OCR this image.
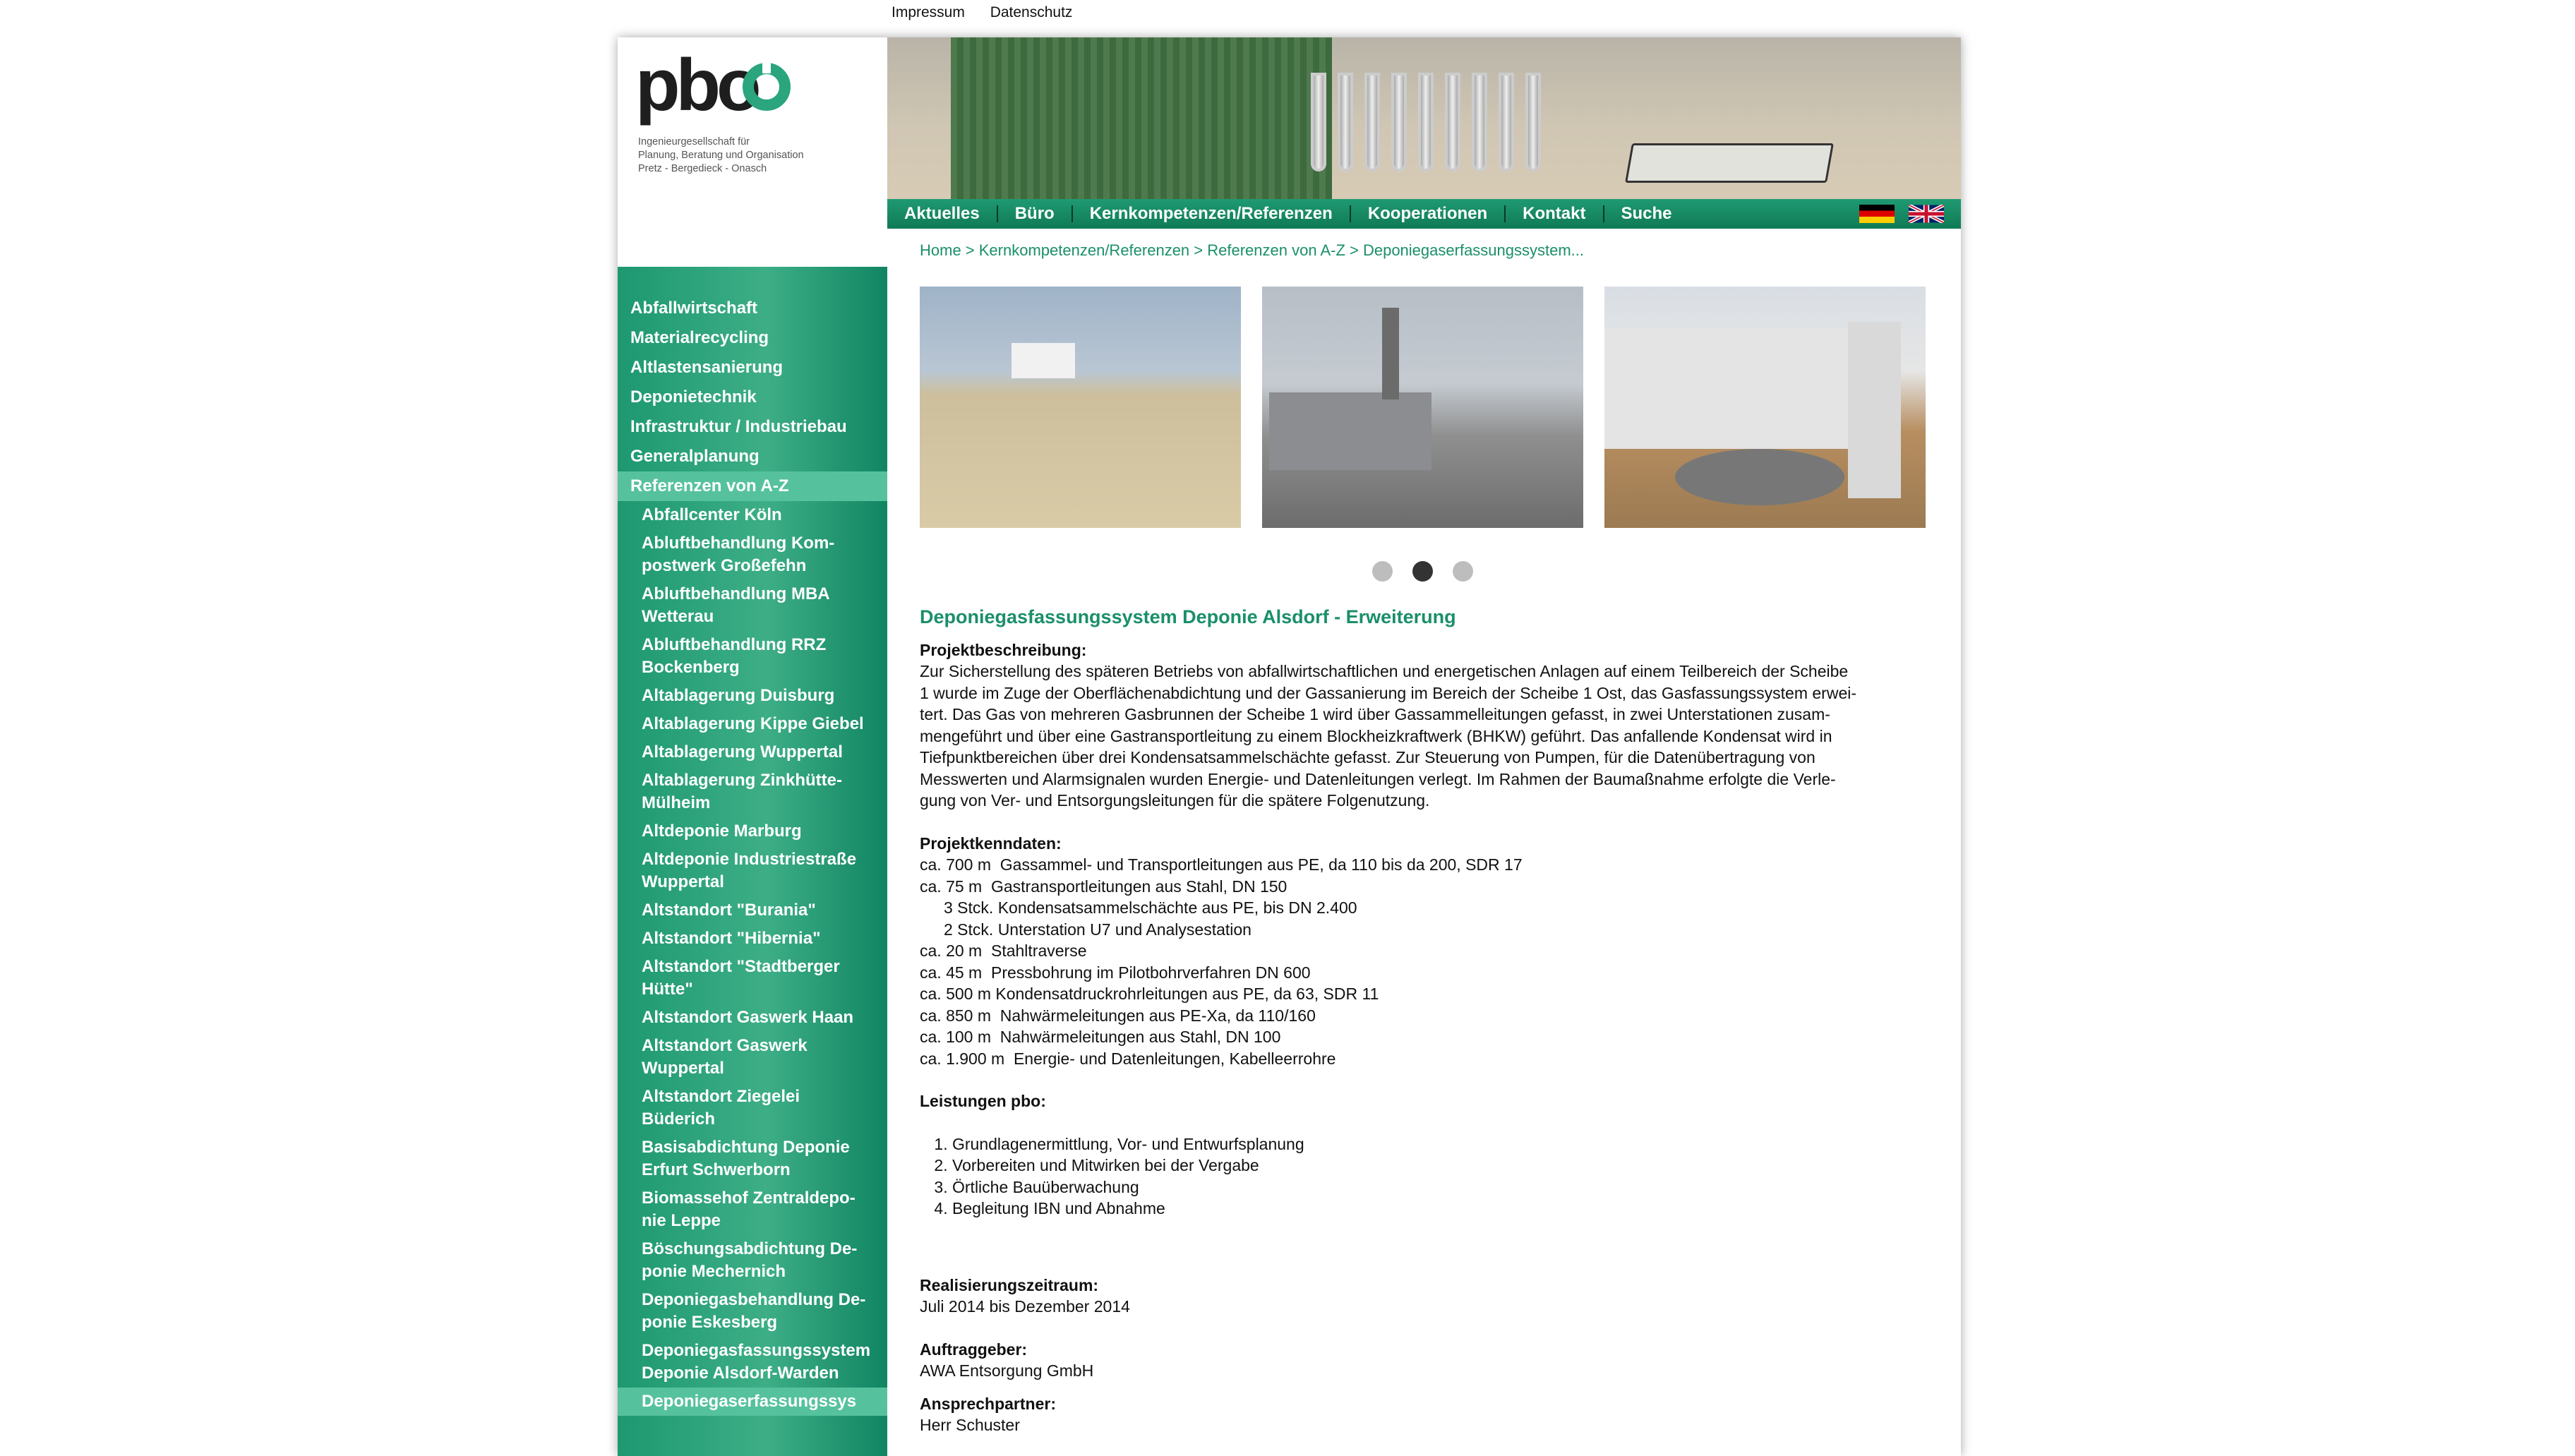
Impressum Datenschutz
pbo
Ingenieurgesellschaft für
Planung, Beratung und Organisation
Pretz - Bergedieck - Onasch
Aktuelles	Büro	Kernkompetenzen/Referenzen	Kooperationen	Kontakt	Suche
Home > Kernkompetenzen/Referenzen > Referenzen von A-Z > Deponiegaserfassungssystem...
Abfallwirtschaft
Materialrecycling
Altlastensanierung
Deponietechnik
Infrastruktur / Industriebau
Generalplanung
Referenzen von A-Z
Abfallcenter Köln
Abluftbehandlung Kom-
postwerk Großefehn
Abluftbehandlung MBA
Wetterau
Abluftbehandlung RRZ
Bockenberg
Altablagerung Duisburg
Altablagerung Kippe Giebel
Altablagerung Wuppertal
Altablagerung Zinkhütte-
Mülheim
Altdeponie Marburg
Altdeponie Industriestraße
Wuppertal
Altstandort "Burania"
Altstandort "Hibernia"
Altstandort "Stadtberger
Hütte"
Altstandort Gaswerk Haan
Altstandort Gaswerk
Wuppertal
Altstandort Ziegelei
Büderich
Basisabdichtung Deponie
Erfurt Schwerborn
Biomassehof Zentraldepo-
nie Leppe
Böschungsabdichtung De-
ponie Mechernich
Deponiegasbehandlung De-
ponie Eskesberg
Deponiegasfassungssystem
Deponie Alsdorf-Warden
Deponiegaserfassungssys
Deponiegasfassungssystem Deponie Alsdorf - Erweiterung
Projektbeschreibung:
Zur Sicherstellung des späteren Betriebs von abfallwirtschaftlichen und energetischen Anlagen auf einem Teilbereich der Scheibe
1 wurde im Zuge der Oberflächenabdichtung und der Gassanierung im Bereich der Scheibe 1 Ost, das Gasfassungssystem erwei-
tert. Das Gas von mehreren Gasbrunnen der Scheibe 1 wird über Gassammelleitungen gefasst, in zwei Unterstationen zusam-
mengeführt und über eine Gastransportleitung zu einem Blockheizkraftwerk (BHKW) geführt. Das anfallende Kondensat wird in
Tiefpunktbereichen über drei Kondensatsammelschächte gefasst. Zur Steuerung von Pumpen, für die Datenübertragung von
Messwerten und Alarmsignalen wurden Energie- und Datenleitungen verlegt. Im Rahmen der Baumaßnahme erfolgte die Verle-
gung von Ver- und Entsorgungsleitungen für die spätere Folgenutzung.
Projektkenndaten:
ca. 700 m  Gassammel- und Transportleitungen aus PE, da 110 bis da 200, SDR 17
ca. 75 m  Gastransportleitungen aus Stahl, DN 150
3 Stck. Kondensatsammelschächte aus PE, bis DN 2.400
2 Stck. Unterstation U7 und Analysestation
ca. 20 m  Stahltraverse
ca. 45 m  Pressbohrung im Pilotbohrverfahren DN 600
ca. 500 m Kondensatdruckrohrleitungen aus PE, da 63, SDR 11
ca. 850 m  Nahwärmeleitungen aus PE-Xa, da 110/160
ca. 100 m  Nahwärmeleitungen aus Stahl, DN 100
ca. 1.900 m  Energie- und Datenleitungen, Kabelleerrohre
Leistungen pbo:
1. Grundlagenermittlung, Vor- und Entwurfsplanung
2. Vorbereiten und Mitwirken bei der Vergabe
3. Örtliche Bauüberwachung
4. Begleitung IBN und Abnahme
Realisierungszeitraum:
Juli 2014 bis Dezember 2014
Auftraggeber:
AWA Entsorgung GmbH
Ansprechpartner:
Herr Schuster
